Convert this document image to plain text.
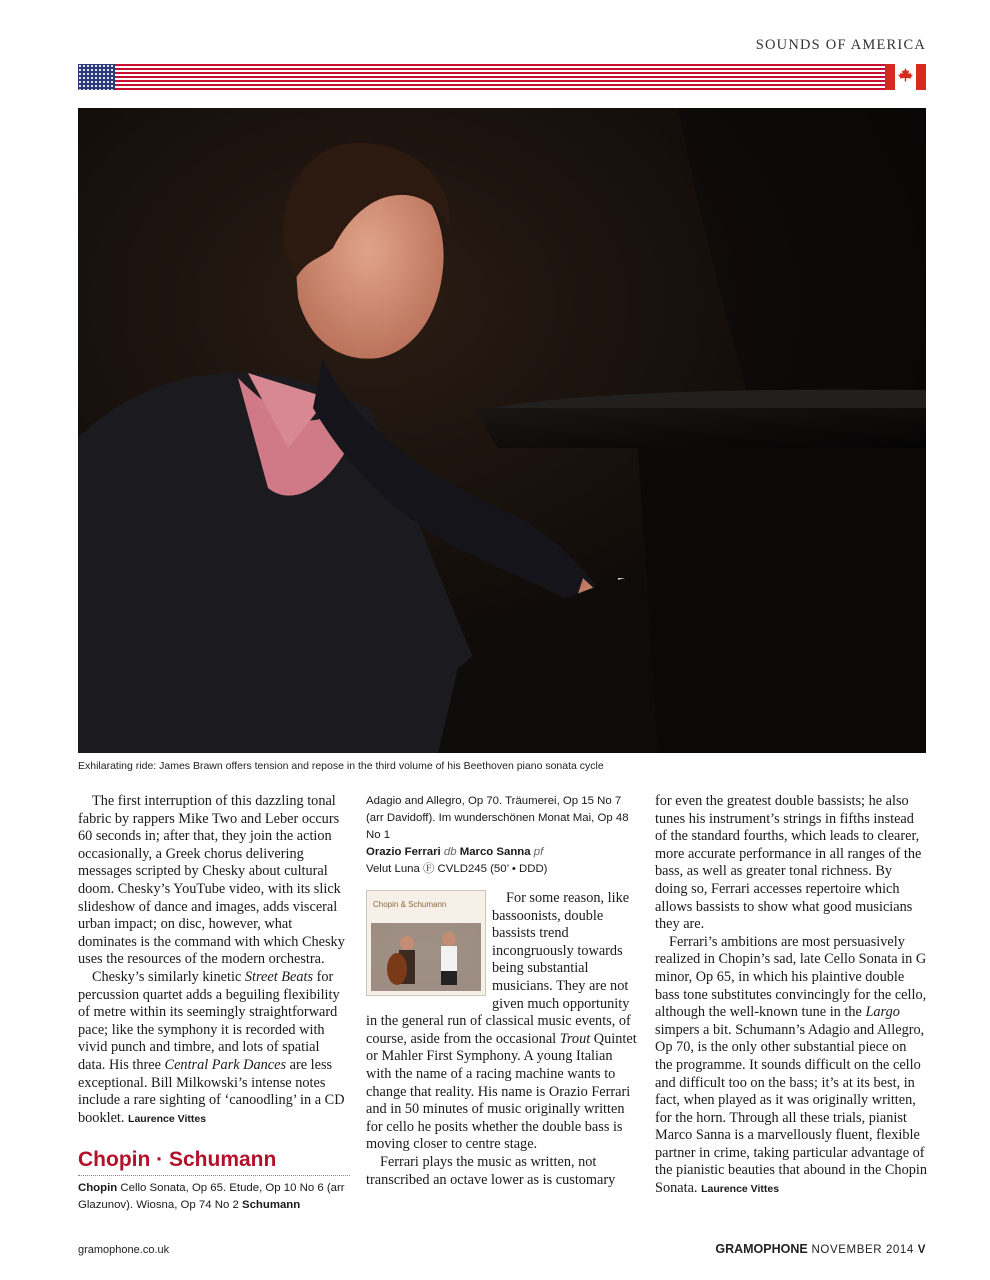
SOUNDS OF AMERICA
Exhilarating ride: James Brawn offers tension and repose in the third volume of his Beethoven piano sonata cycle

The first interruption of this dazzling tonal fabric by rappers Mike Two and Leber occurs 60 seconds in; after that, they join the action occasionally, a Greek chorus delivering messages scripted by Chesky about cultural doom. Chesky’s YouTube video, with its slick slideshow of dance and images, adds visceral urban impact; on disc, however, what dominates is the command with which Chesky uses the resources of the modern orchestra.

Chesky’s similarly kinetic Street Beats for percussion quartet adds a beguiling flexibility of metre within its seemingly straightforward pace; like the symphony it is recorded with vivid punch and timbre, and lots of spatial data. His three Central Park Dances are less exceptional. Bill Milkowski’s intense notes include a rare sighting of ‘canoodling’ in a CD booklet. Laurence Vittes

Chopin · Schumann
Chopin Cello Sonata, Op 65. Etude, Op 10 No 6 (arr Glazunov). Wiosna, Op 74 No 2 Schumann
Adagio and Allegro, Op 70. Träumerei, Op 15 No 7 (arr Davidoff). Im wunderschönen Monat Mai, Op 48 No 1
Orazio Ferrari db Marco Sanna pf
Velut Luna Ⓕ CVLD245 (50’ • DDD)
Chopin & Schumann	For some reason, like bassoonists, double bassists trend incongruously towards being substantial musicians. They are not given much opportunity in the general run of classical music events, of course, aside from the occasional Trout Quintet or Mahler First Symphony. A young Italian with the name of a racing machine wants to change that reality. His name is Orazio Ferrari and in 50 minutes of music originally written for cello he posits whether the double bass is moving closer to centre stage.

Ferrari plays the music as written, not transcribed an octave lower as is customary

for even the greatest double bassists; he also tunes his instrument’s strings in fifths instead of the standard fourths, which leads to clearer, more accurate performance in all ranges of the bass, as well as greater tonal richness. By doing so, Ferrari accesses repertoire which allows bassists to show what good musicians they are.

Ferrari’s ambitions are most persuasively realized in Chopin’s sad, late Cello Sonata in G minor, Op 65, in which his plaintive double bass tone substitutes convincingly for the cello, although the well-known tune in the Largo simpers a bit. Schumann’s Adagio and Allegro, Op 70, is the only other substantial piece on the programme. It sounds difficult on the cello and difficult too on the bass; it’s at its best, in fact, when played as it was originally written, for the horn. Through all these trials, pianist Marco Sanna is a marvellously fluent, flexible partner in crime, taking particular advantage of the pianistic beauties that abound in the Chopin Sonata. Laurence Vittes

gramophone.co.uk	GRAMOPHONE NOVEMBER 2014 V
